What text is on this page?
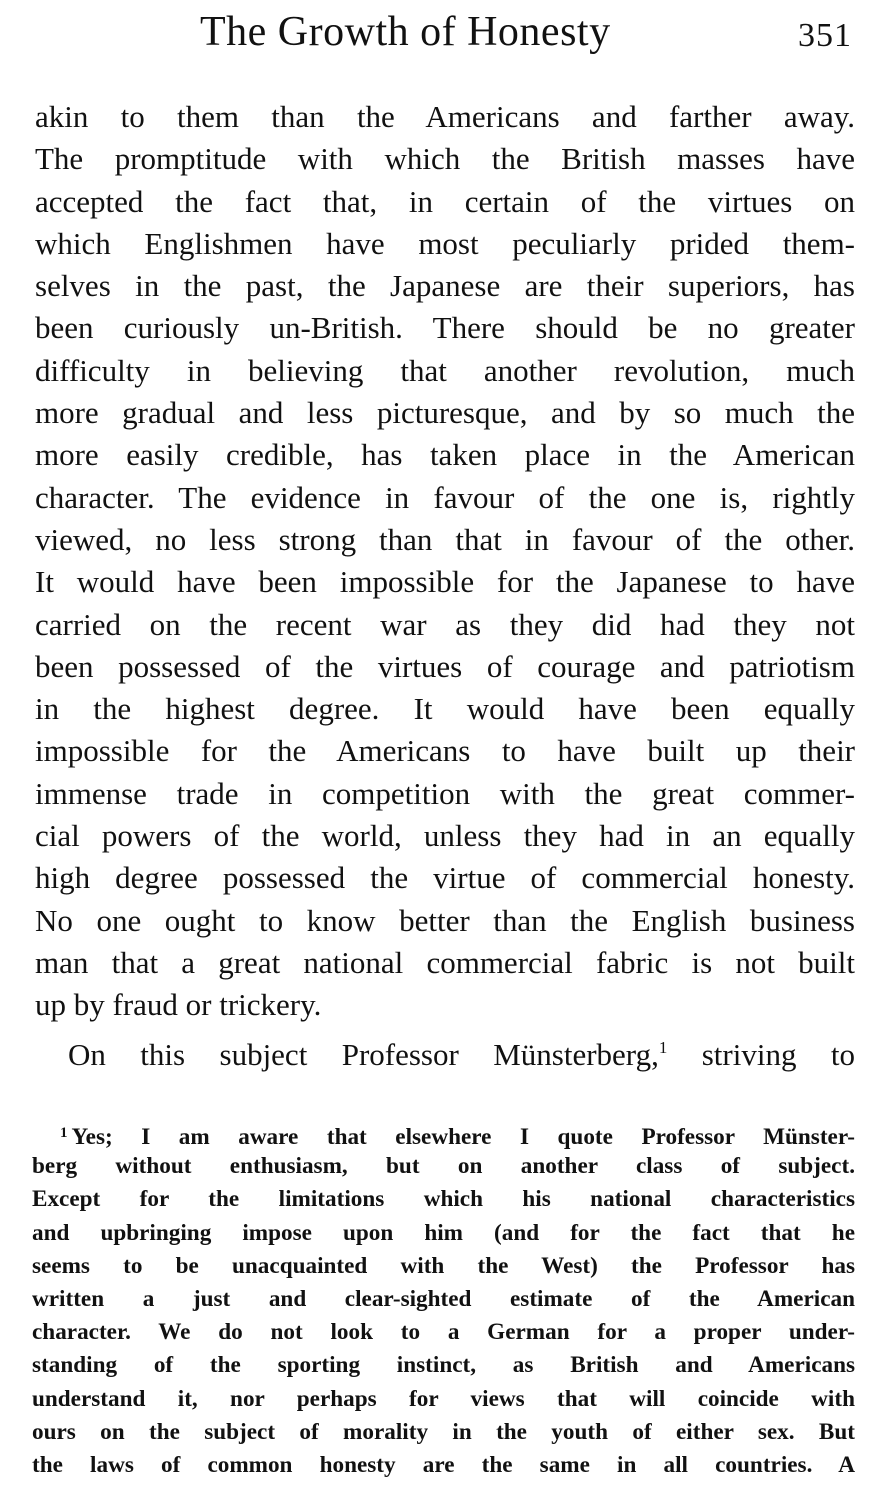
The Growth of Honesty	351
akin to them than the Americans and farther away.
The promptitude with which the British masses have
accepted the fact that, in certain of the virtues on
which Englishmen have most peculiarly prided them-
selves in the past, the Japanese are their superiors, has
been curiously un-British. There should be no greater
difficulty in believing that another revolution, much
more gradual and less picturesque, and by so much the
more easily credible, has taken place in the American
character. The evidence in favour of the one is, rightly
viewed, no less strong than that in favour of the other.
It would have been impossible for the Japanese to have
carried on the recent war as they did had they not
been possessed of the virtues of courage and patriotism
in the highest degree. It would have been equally
impossible for the Americans to have built up their
immense trade in competition with the great commer-
cial powers of the world, unless they had in an equally
high degree possessed the virtue of commercial honesty.
No one ought to know better than the English business
man that a great national commercial fabric is not built
up by fraud or trickery.
On this subject Professor Münsterberg,$^1$ striving to
$^1$ Yes; I am aware that elsewhere I quote Professor Münster-
berg without enthusiasm, but on another class of subject.
Except for the limitations which his national characteristics
and upbringing impose upon him (and for the fact that he
seems to be unacquainted with the West) the Professor has
written a just and clear-sighted estimate of the American
character. We do not look to a German for a proper under-
standing of the sporting instinct, as British and Americans
understand it, nor perhaps for views that will coincide with
ours on the subject of morality in the youth of either sex. But
the laws of common honesty are the same in all countries. A
